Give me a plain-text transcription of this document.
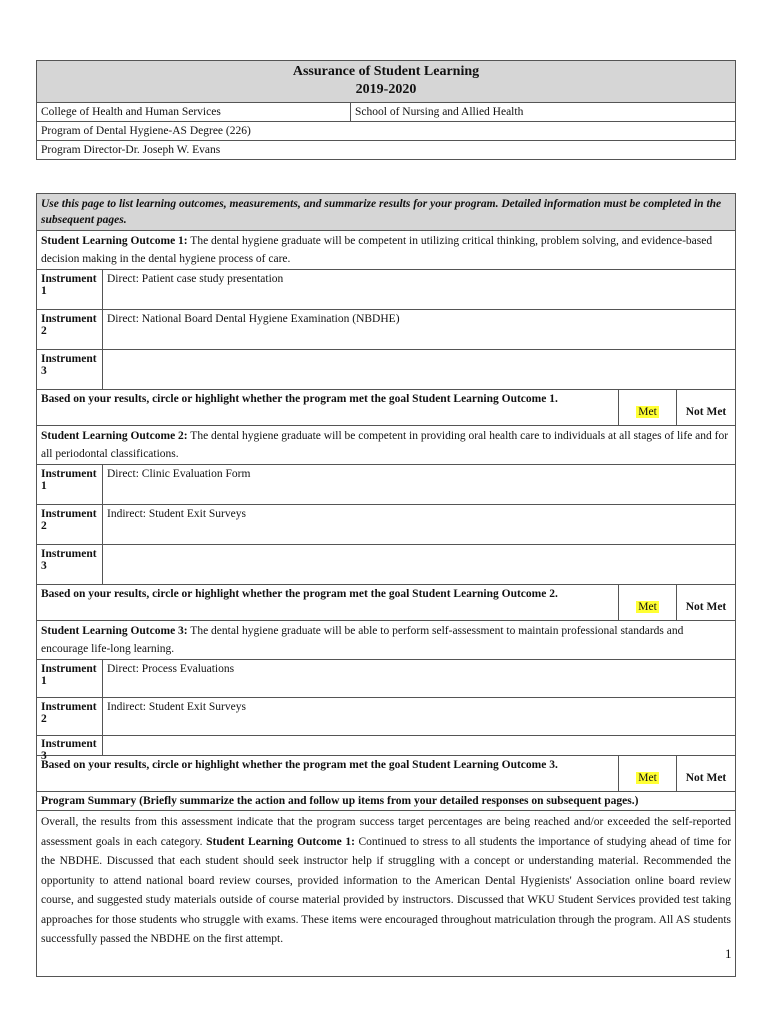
Assurance of Student Learning
2019-2020
College of Health and Human Services	School of Nursing and Allied Health
Program of Dental Hygiene-AS Degree (226)
Program Director-Dr. Joseph W. Evans
Use this page to list learning outcomes, measurements, and summarize results for your program. Detailed information must be completed in the subsequent pages.
Student Learning Outcome 1: The dental hygiene graduate will be competent in utilizing critical thinking, problem solving, and evidence-based decision making in the dental hygiene process of care.
Instrument 1
Direct: Patient case study presentation
Instrument 2
Direct: National Board Dental Hygiene Examination (NBDHE)
Instrument 3
Based on your results, circle or highlight whether the program met the goal Student Learning Outcome 1.
Met	Not Met
Student Learning Outcome 2: The dental hygiene graduate will be competent in providing oral health care to individuals at all stages of life and for all periodontal classifications.
Instrument 1
Direct: Clinic Evaluation Form
Instrument 2
Indirect: Student Exit Surveys
Instrument 3
Based on your results, circle or highlight whether the program met the goal Student Learning Outcome 2.
Met	Not Met
Student Learning Outcome 3: The dental hygiene graduate will be able to perform self-assessment to maintain professional standards and encourage life-long learning.
Instrument 1
Direct: Process Evaluations
Instrument 2
Indirect: Student Exit Surveys
Instrument 3
Based on your results, circle or highlight whether the program met the goal Student Learning Outcome 3.
Met	Not Met
Program Summary (Briefly summarize the action and follow up items from your detailed responses on subsequent pages.)
Overall, the results from this assessment indicate that the program success target percentages are being reached and/or exceeded the self-reported assessment goals in each category. Student Learning Outcome 1: Continued to stress to all students the importance of studying ahead of time for the NBDHE. Discussed that each student should seek instructor help if struggling with a concept or understanding material. Recommended the opportunity to attend national board review courses, provided information to the American Dental Hygienists' Association online board review course, and suggested study materials outside of course material provided by instructors. Discussed that WKU Student Services provided test taking approaches for those students who struggle with exams. These items were encouraged throughout matriculation through the program. All AS students successfully passed the NBDHE on the first attempt.
1
